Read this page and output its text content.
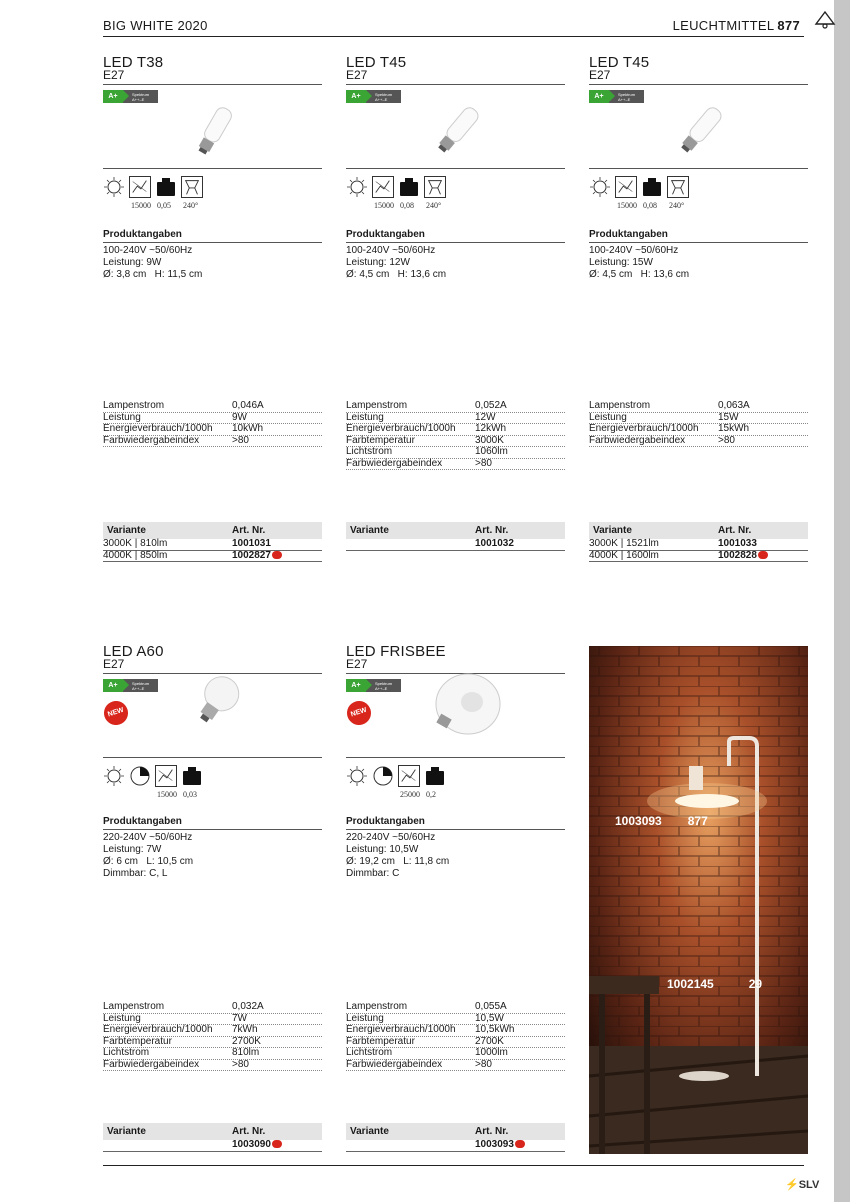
BIG WHITE 2020	LEUCHTMITTEL 877
LED T38
E27
A+	Spektrum
A++–E
15000 0,05 240°
Produktangaben
100-240V ~50/60Hz
Leistung: 9W
Ø: 3,8 cm   H: 11,5 cm
Lampenstrom	0,046A
Leistung	9W
Energieverbrauch/1000h	10kWh
Farbwiedergabeindex	>80
Variante	Art. Nr.
3000K | 810lm	1001031
4000K | 850lm	1002827
LED T45
E27
A+	Spektrum
A++–E
15000 0,08 240°
Produktangaben
100-240V ~50/60Hz
Leistung: 12W
Ø: 4,5 cm   H: 13,6 cm
Lampenstrom	0,052A
Leistung	12W
Energieverbrauch/1000h	12kWh
Farbtemperatur	3000K
Lichtstrom	1060lm
Farbwiedergabeindex	>80
Variante	Art. Nr.
1001032
LED T45
E27
A+	Spektrum
A++–E
15000 0,08 240°
Produktangaben
100-240V ~50/60Hz
Leistung: 15W
Ø: 4,5 cm   H: 13,6 cm
Lampenstrom	0,063A
Leistung	15W
Energieverbrauch/1000h	15kWh
Farbwiedergabeindex	>80
Variante	Art. Nr.
3000K | 1521lm	1001033
4000K | 1600lm	1002828
LED A60
E27
A+	Spektrum
A++–E
NEW
15000 0,03
Produktangaben
220-240V ~50/60Hz
Leistung: 7W
Ø: 6 cm   L: 10,5 cm
Dimmbar: C, L
Lampenstrom	0,032A
Leistung	7W
Energieverbrauch/1000h	7kWh
Farbtemperatur	2700K
Lichtstrom	810lm
Farbwiedergabeindex	>80
Variante	Art. Nr.
1003090
LED FRISBEE
E27
A+	Spektrum
A++–E
NEW
25000 0,2
Produktangaben
220-240V ~50/60Hz
Leistung: 10,5W
Ø: 19,2 cm   L: 11,8 cm
Dimmbar: C
Lampenstrom	0,055A
Leistung	10,5W
Energieverbrauch/1000h	10,5kWh
Farbtemperatur	2700K
Lichtstrom	1000lm
Farbwiedergabeindex	>80
Variante	Art. Nr.
1003093
1003093 877
1002145	29
⚡SLV
